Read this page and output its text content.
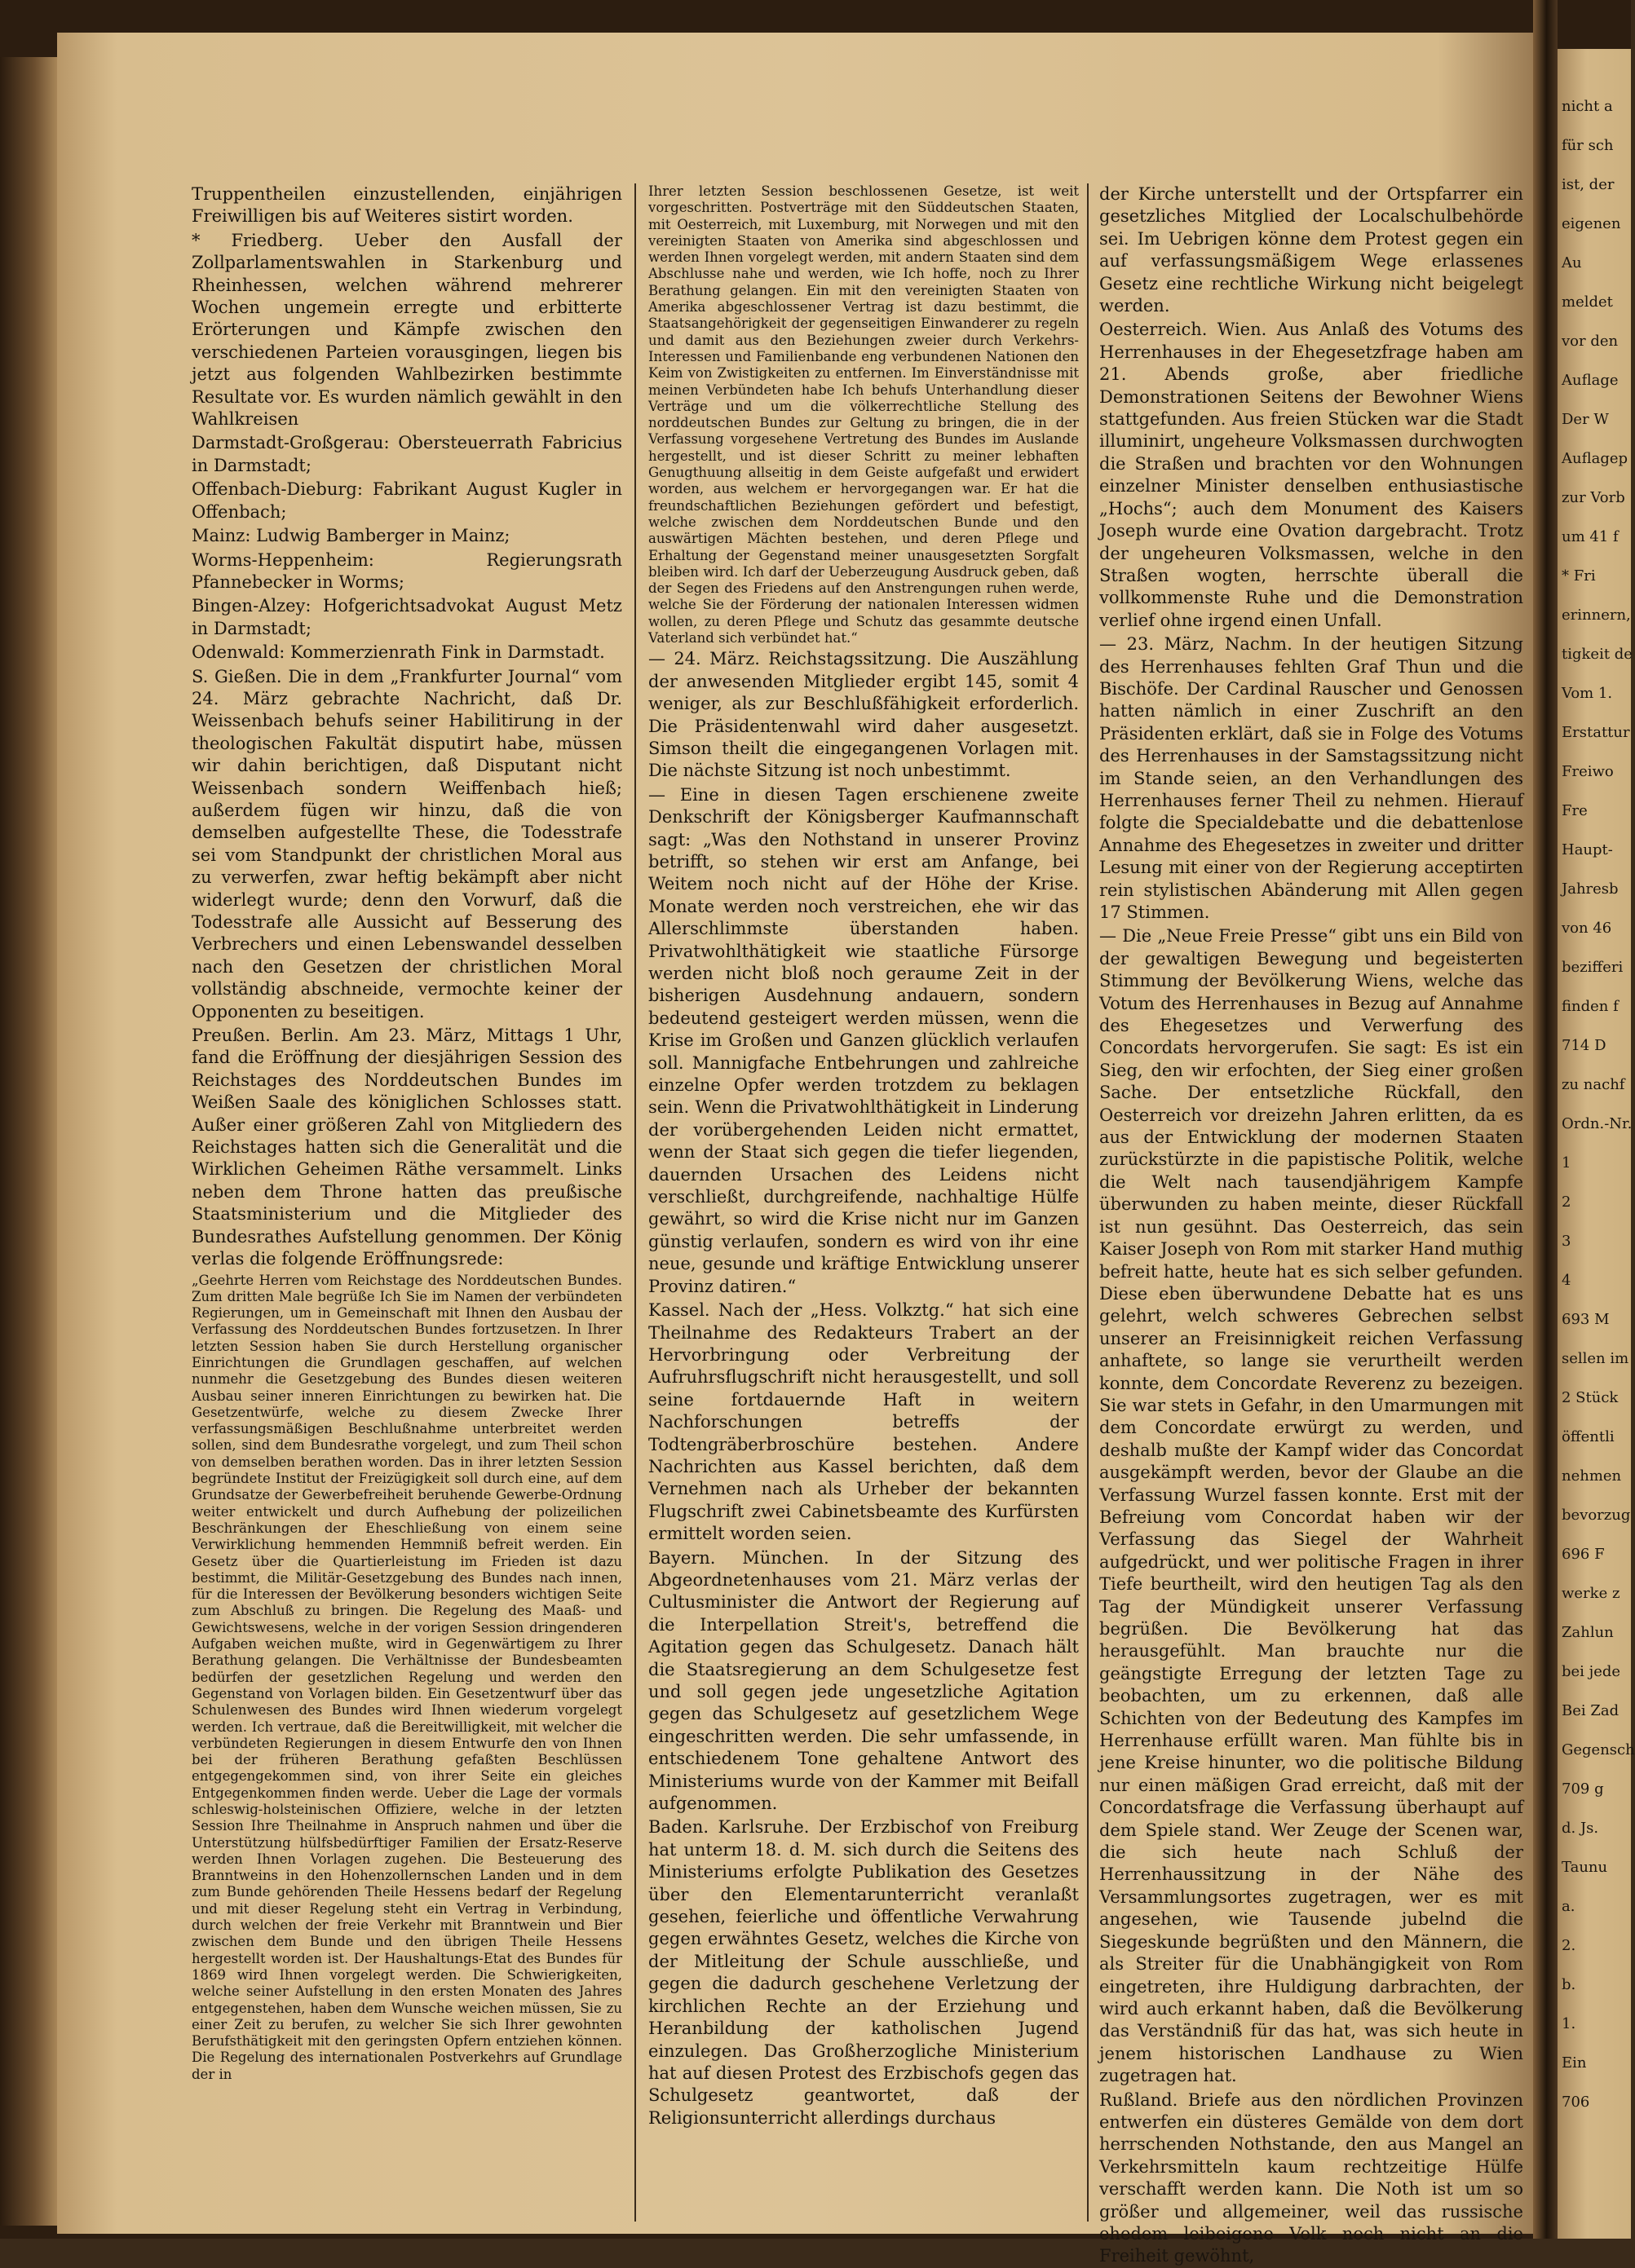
nicht a
für sch
ist, der
eigenen
Au
meldet
vor den
Auflage
Der W
Auflagep
zur Vorb
um 41 f
* Fri
erinnern,
tigkeit de
Vom 1.
Erstattur
Freiwo
Fre
Haupt-
Jahresb
von 46
bezifferi
finden f
714 D
zu nachf
Ordn.-Nr.
1
2
3
4
693 M
sellen im
2 Stück
öffentli
nehmen
bevorzug
696 F
werke z
Zahlun
bei jede
Bei Zad
Gegensch
709 g
d. Js.
Taunu
a.
2.
b.
1.
Ein
706

Truppentheilen einzustellenden, einjährigen Freiwilligen bis auf Weiteres sistirt worden.

* Friedberg. Ueber den Ausfall der Zollparlamentswahlen in Starkenburg und Rheinhessen, welchen während mehrerer Wochen ungemein erregte und erbitterte Erörterungen und Kämpfe zwischen den verschiedenen Parteien vorausgingen, liegen bis jetzt aus folgenden Wahlbezirken bestimmte Resultate vor. Es wurden nämlich gewählt in den Wahlkreisen

Darmstadt-Großgerau: Obersteuerrath Fabricius in Darmstadt;

Offenbach-Dieburg: Fabrikant August Kugler in Offenbach;

Mainz: Ludwig Bamberger in Mainz;

Worms-Heppenheim: Regierungsrath Pfannebecker in Worms;

Bingen-Alzey: Hofgerichtsadvokat August Metz in Darmstadt;

Odenwald: Kommerzienrath Fink in Darmstadt.

S. Gießen. Die in dem „Frankfurter Journal“ vom 24. März gebrachte Nachricht, daß Dr. Weissenbach behufs seiner Habilitirung in der theologischen Fakultät disputirt habe, müssen wir dahin berichtigen, daß Disputant nicht Weissenbach sondern Weiffenbach hieß; außerdem fügen wir hinzu, daß die von demselben aufgestellte These, die Todesstrafe sei vom Standpunkt der christlichen Moral aus zu verwerfen, zwar heftig bekämpft aber nicht widerlegt wurde; denn den Vorwurf, daß die Todesstrafe alle Aussicht auf Besserung des Verbrechers und einen Lebenswandel desselben nach den Gesetzen der christlichen Moral vollständig abschneide, vermochte keiner der Opponenten zu beseitigen.

Preußen. Berlin. Am 23. März, Mittags 1 Uhr, fand die Eröffnung der diesjährigen Session des Reichstages des Norddeutschen Bundes im Weißen Saale des königlichen Schlosses statt. Außer einer größeren Zahl von Mitgliedern des Reichstages hatten sich die Generalität und die Wirklichen Geheimen Räthe versammelt. Links neben dem Throne hatten das preußische Staatsministerium und die Mitglieder des Bundesrathes Aufstellung genommen. Der König verlas die folgende Eröffnungsrede:

„Geehrte Herren vom Reichstage des Norddeutschen Bundes. Zum dritten Male begrüße Ich Sie im Namen der verbündeten Regierungen, um in Gemeinschaft mit Ihnen den Ausbau der Verfassung des Norddeutschen Bundes fortzusetzen. In Ihrer letzten Session haben Sie durch Herstellung organischer Einrichtungen die Grundlagen geschaffen, auf welchen nunmehr die Gesetzgebung des Bundes diesen weiteren Ausbau seiner inneren Einrichtungen zu bewirken hat. Die Gesetzentwürfe, welche zu diesem Zwecke Ihrer verfassungsmäßigen Beschlußnahme unterbreitet werden sollen, sind dem Bundesrathe vorgelegt, und zum Theil schon von demselben berathen worden. Das in ihrer letzten Session begründete Institut der Freizügigkeit soll durch eine, auf dem Grundsatze der Gewerbefreiheit beruhende Gewerbe-Ordnung weiter entwickelt und durch Aufhebung der polizeilichen Beschränkungen der Eheschließung von einem seine Verwirklichung hemmenden Hemmniß befreit werden. Ein Gesetz über die Quartierleistung im Frieden ist dazu bestimmt, die Militär-Gesetzgebung des Bundes nach innen, für die Interessen der Bevölkerung besonders wichtigen Seite zum Abschluß zu bringen. Die Regelung des Maaß- und Gewichtswesens, welche in der vorigen Session dringenderen Aufgaben weichen mußte, wird in Gegenwärtigem zu Ihrer Berathung gelangen. Die Verhältnisse der Bundesbeamten bedürfen der gesetzlichen Regelung und werden den Gegenstand von Vorlagen bilden. Ein Gesetzentwurf über das Schulenwesen des Bundes wird Ihnen wiederum vorgelegt werden. Ich vertraue, daß die Bereitwilligkeit, mit welcher die verbündeten Regierungen in diesem Entwurfe den von Ihnen bei der früheren Berathung gefaßten Beschlüssen entgegengekommen sind, von ihrer Seite ein gleiches Entgegenkommen finden werde. Ueber die Lage der vormals schleswig-holsteinischen Offiziere, welche in der letzten Session Ihre Theilnahme in Anspruch nahmen und über die Unterstützung hülfsbedürftiger Familien der Ersatz-Reserve werden Ihnen Vorlagen zugehen. Die Besteuerung des Branntweins in den Hohenzollernschen Landen und in dem zum Bunde gehörenden Theile Hessens bedarf der Regelung und mit dieser Regelung steht ein Vertrag in Verbindung, durch welchen der freie Verkehr mit Branntwein und Bier zwischen dem Bunde und den übrigen Theile Hessens hergestellt worden ist. Der Haushaltungs-Etat des Bundes für 1869 wird Ihnen vorgelegt werden. Die Schwierigkeiten, welche seiner Aufstellung in den ersten Monaten des Jahres entgegenstehen, haben dem Wunsche weichen müssen, Sie zu einer Zeit zu berufen, zu welcher Sie sich Ihrer gewohnten Berufsthätigkeit mit den geringsten Opfern entziehen können. Die Regelung des internationalen Postverkehrs auf Grundlage der in

Ihrer letzten Session beschlossenen Gesetze, ist weit vorgeschritten. Postverträge mit den Süddeutschen Staaten, mit Oesterreich, mit Luxemburg, mit Norwegen und mit den vereinigten Staaten von Amerika sind abgeschlossen und werden Ihnen vorgelegt werden, mit andern Staaten sind dem Abschlusse nahe und werden, wie Ich hoffe, noch zu Ihrer Berathung gelangen. Ein mit den vereinigten Staaten von Amerika abgeschlossener Vertrag ist dazu bestimmt, die Staatsangehörigkeit der gegenseitigen Einwanderer zu regeln und damit aus den Beziehungen zweier durch Verkehrs-Interessen und Familienbande eng verbundenen Nationen den Keim von Zwistigkeiten zu entfernen. Im Einverständnisse mit meinen Verbündeten habe Ich behufs Unterhandlung dieser Verträge und um die völkerrechtliche Stellung des norddeutschen Bundes zur Geltung zu bringen, die in der Verfassung vorgesehene Vertretung des Bundes im Auslande hergestellt, und ist dieser Schritt zu meiner lebhaften Genugthuung allseitig in dem Geiste aufgefaßt und erwidert worden, aus welchem er hervorgegangen war. Er hat die freundschaftlichen Beziehungen gefördert und befestigt, welche zwischen dem Norddeutschen Bunde und den auswärtigen Mächten bestehen, und deren Pflege und Erhaltung der Gegenstand meiner unausgesetzten Sorgfalt bleiben wird. Ich darf der Ueberzeugung Ausdruck geben, daß der Segen des Friedens auf den Anstrengungen ruhen werde, welche Sie der Förderung der nationalen Interessen widmen wollen, zu deren Pflege und Schutz das gesammte deutsche Vaterland sich verbündet hat.“

— 24. März. Reichstagssitzung. Die Auszählung der anwesenden Mitglieder ergibt 145, somit 4 weniger, als zur Beschlußfähigkeit erforderlich. Die Präsidentenwahl wird daher ausgesetzt. Simson theilt die eingegangenen Vorlagen mit. Die nächste Sitzung ist noch unbestimmt.

— Eine in diesen Tagen erschienene zweite Denkschrift der Königsberger Kaufmannschaft sagt: „Was den Nothstand in unserer Provinz betrifft, so stehen wir erst am Anfange, bei Weitem noch nicht auf der Höhe der Krise. Monate werden noch verstreichen, ehe wir das Allerschlimmste überstanden haben. Privatwohlthätigkeit wie staatliche Fürsorge werden nicht bloß noch geraume Zeit in der bisherigen Ausdehnung andauern, sondern bedeutend gesteigert werden müssen, wenn die Krise im Großen und Ganzen glücklich verlaufen soll. Mannigfache Entbehrungen und zahlreiche einzelne Opfer werden trotzdem zu beklagen sein. Wenn die Privatwohlthätigkeit in Linderung der vorübergehenden Leiden nicht ermattet, wenn der Staat sich gegen die tiefer liegenden, dauernden Ursachen des Leidens nicht verschließt, durchgreifende, nachhaltige Hülfe gewährt, so wird die Krise nicht nur im Ganzen günstig verlaufen, sondern es wird von ihr eine neue, gesunde und kräftige Entwicklung unserer Provinz datiren.“

Kassel. Nach der „Hess. Volkztg.“ hat sich eine Theilnahme des Redakteurs Trabert an der Hervorbringung oder Verbreitung der Aufruhrsflugschrift nicht herausgestellt, und soll seine fortdauernde Haft in weitern Nachforschungen betreffs der Todtengräberbroschüre bestehen. Andere Nachrichten aus Kassel berichten, daß dem Vernehmen nach als Urheber der bekannten Flugschrift zwei Cabinetsbeamte des Kurfürsten ermittelt worden seien.

Bayern. München. In der Sitzung des Abgeordnetenhauses vom 21. März verlas der Cultusminister die Antwort der Regierung auf die Interpellation Streit's, betreffend die Agitation gegen das Schulgesetz. Danach hält die Staatsregierung an dem Schulgesetze fest und soll gegen jede ungesetzliche Agitation gegen das Schulgesetz auf gesetzlichem Wege eingeschritten werden. Die sehr umfassende, in entschiedenem Tone gehaltene Antwort des Ministeriums wurde von der Kammer mit Beifall aufgenommen.

Baden. Karlsruhe. Der Erzbischof von Freiburg hat unterm 18. d. M. sich durch die Seitens des Ministeriums erfolgte Publikation des Gesetzes über den Elementarunterricht veranlaßt gesehen, feierliche und öffentliche Verwahrung gegen erwähntes Gesetz, welches die Kirche von der Mitleitung der Schule ausschließe, und gegen die dadurch geschehene Verletzung der kirchlichen Rechte an der Erziehung und Heranbildung der katholischen Jugend einzulegen. Das Großherzogliche Ministerium hat auf diesen Protest des Erzbischofs gegen das Schulgesetz geantwortet, daß der Religionsunterricht allerdings durchaus

der Kirche unterstellt und der Ortspfarrer ein gesetzliches Mitglied der Localschulbehörde sei. Im Uebrigen könne dem Protest gegen ein auf verfassungsmäßigem Wege erlassenes Gesetz eine rechtliche Wirkung nicht beigelegt werden.

Oesterreich. Wien. Aus Anlaß des Votums des Herrenhauses in der Ehegesetzfrage haben am 21. Abends große, aber friedliche Demonstrationen Seitens der Bewohner Wiens stattgefunden. Aus freien Stücken war die Stadt illuminirt, ungeheure Volksmassen durchwogten die Straßen und brachten vor den Wohnungen einzelner Minister denselben enthusiastische „Hochs“; auch dem Monument des Kaisers Joseph wurde eine Ovation dargebracht. Trotz der ungeheuren Volksmassen, welche in den Straßen wogten, herrschte überall die vollkommenste Ruhe und die Demonstration verlief ohne irgend einen Unfall.

— 23. März, Nachm. In der heutigen Sitzung des Herrenhauses fehlten Graf Thun und die Bischöfe. Der Cardinal Rauscher und Genossen hatten nämlich in einer Zuschrift an den Präsidenten erklärt, daß sie in Folge des Votums des Herrenhauses in der Samstagssitzung nicht im Stande seien, an den Verhandlungen des Herrenhauses ferner Theil zu nehmen. Hierauf folgte die Specialdebatte und die debattenlose Annahme des Ehegesetzes in zweiter und dritter Lesung mit einer von der Regierung acceptirten rein stylistischen Abänderung mit Allen gegen 17 Stimmen.

— Die „Neue Freie Presse“ gibt uns ein Bild von der gewaltigen Bewegung und begeisterten Stimmung der Bevölkerung Wiens, welche das Votum des Herrenhauses in Bezug auf Annahme des Ehegesetzes und Verwerfung des Concordats hervorgerufen. Sie sagt: Es ist ein Sieg, den wir erfochten, der Sieg einer großen Sache. Der entsetzliche Rückfall, den Oesterreich vor dreizehn Jahren erlitten, da es aus der Entwicklung der modernen Staaten zurückstürzte in die papistische Politik, welche die Welt nach tausendjährigem Kampfe überwunden zu haben meinte, dieser Rückfall ist nun gesühnt. Das Oesterreich, das sein Kaiser Joseph von Rom mit starker Hand muthig befreit hatte, heute hat es sich selber gefunden. Diese eben überwundene Debatte hat es uns gelehrt, welch schweres Gebrechen selbst unserer an Freisinnigkeit reichen Verfassung anhaftete, so lange sie verurtheilt werden konnte, dem Concordate Reverenz zu bezeigen. Sie war stets in Gefahr, in den Umarmungen mit dem Concordate erwürgt zu werden, und deshalb mußte der Kampf wider das Concordat ausgekämpft werden, bevor der Glaube an die Verfassung Wurzel fassen konnte. Erst mit der Befreiung vom Concordat haben wir der Verfassung das Siegel der Wahrheit aufgedrückt, und wer politische Fragen in ihrer Tiefe beurtheilt, wird den heutigen Tag als den Tag der Mündigkeit unserer Verfassung begrüßen. Die Bevölkerung hat das herausgefühlt. Man brauchte nur die geängstigte Erregung der letzten Tage zu beobachten, um zu erkennen, daß alle Schichten von der Bedeutung des Kampfes im Herrenhause erfüllt waren. Man fühlte bis in jene Kreise hinunter, wo die politische Bildung nur einen mäßigen Grad erreicht, daß mit der Concordatsfrage die Verfassung überhaupt auf dem Spiele stand. Wer Zeuge der Scenen war, die sich heute nach Schluß der Herrenhaussitzung in der Nähe des Versammlungsortes zugetragen, wer es mit angesehen, wie Tausende jubelnd die Siegeskunde begrüßten und den Männern, die als Streiter für die Unabhängigkeit von Rom eingetreten, ihre Huldigung darbrachten, der wird auch erkannt haben, daß die Bevölkerung das Verständniß für das hat, was sich heute in jenem historischen Landhause zu Wien zugetragen hat.

Rußland. Briefe aus den nördlichen Provinzen entwerfen ein düsteres Gemälde von dem dort herrschenden Nothstande, den aus Mangel an Verkehrsmitteln kaum rechtzeitige Hülfe verschafft werden kann. Die Noth ist um so größer und allgemeiner, weil das russische ehedem leibeigene Volk noch nicht an die Freiheit gewöhnt,
